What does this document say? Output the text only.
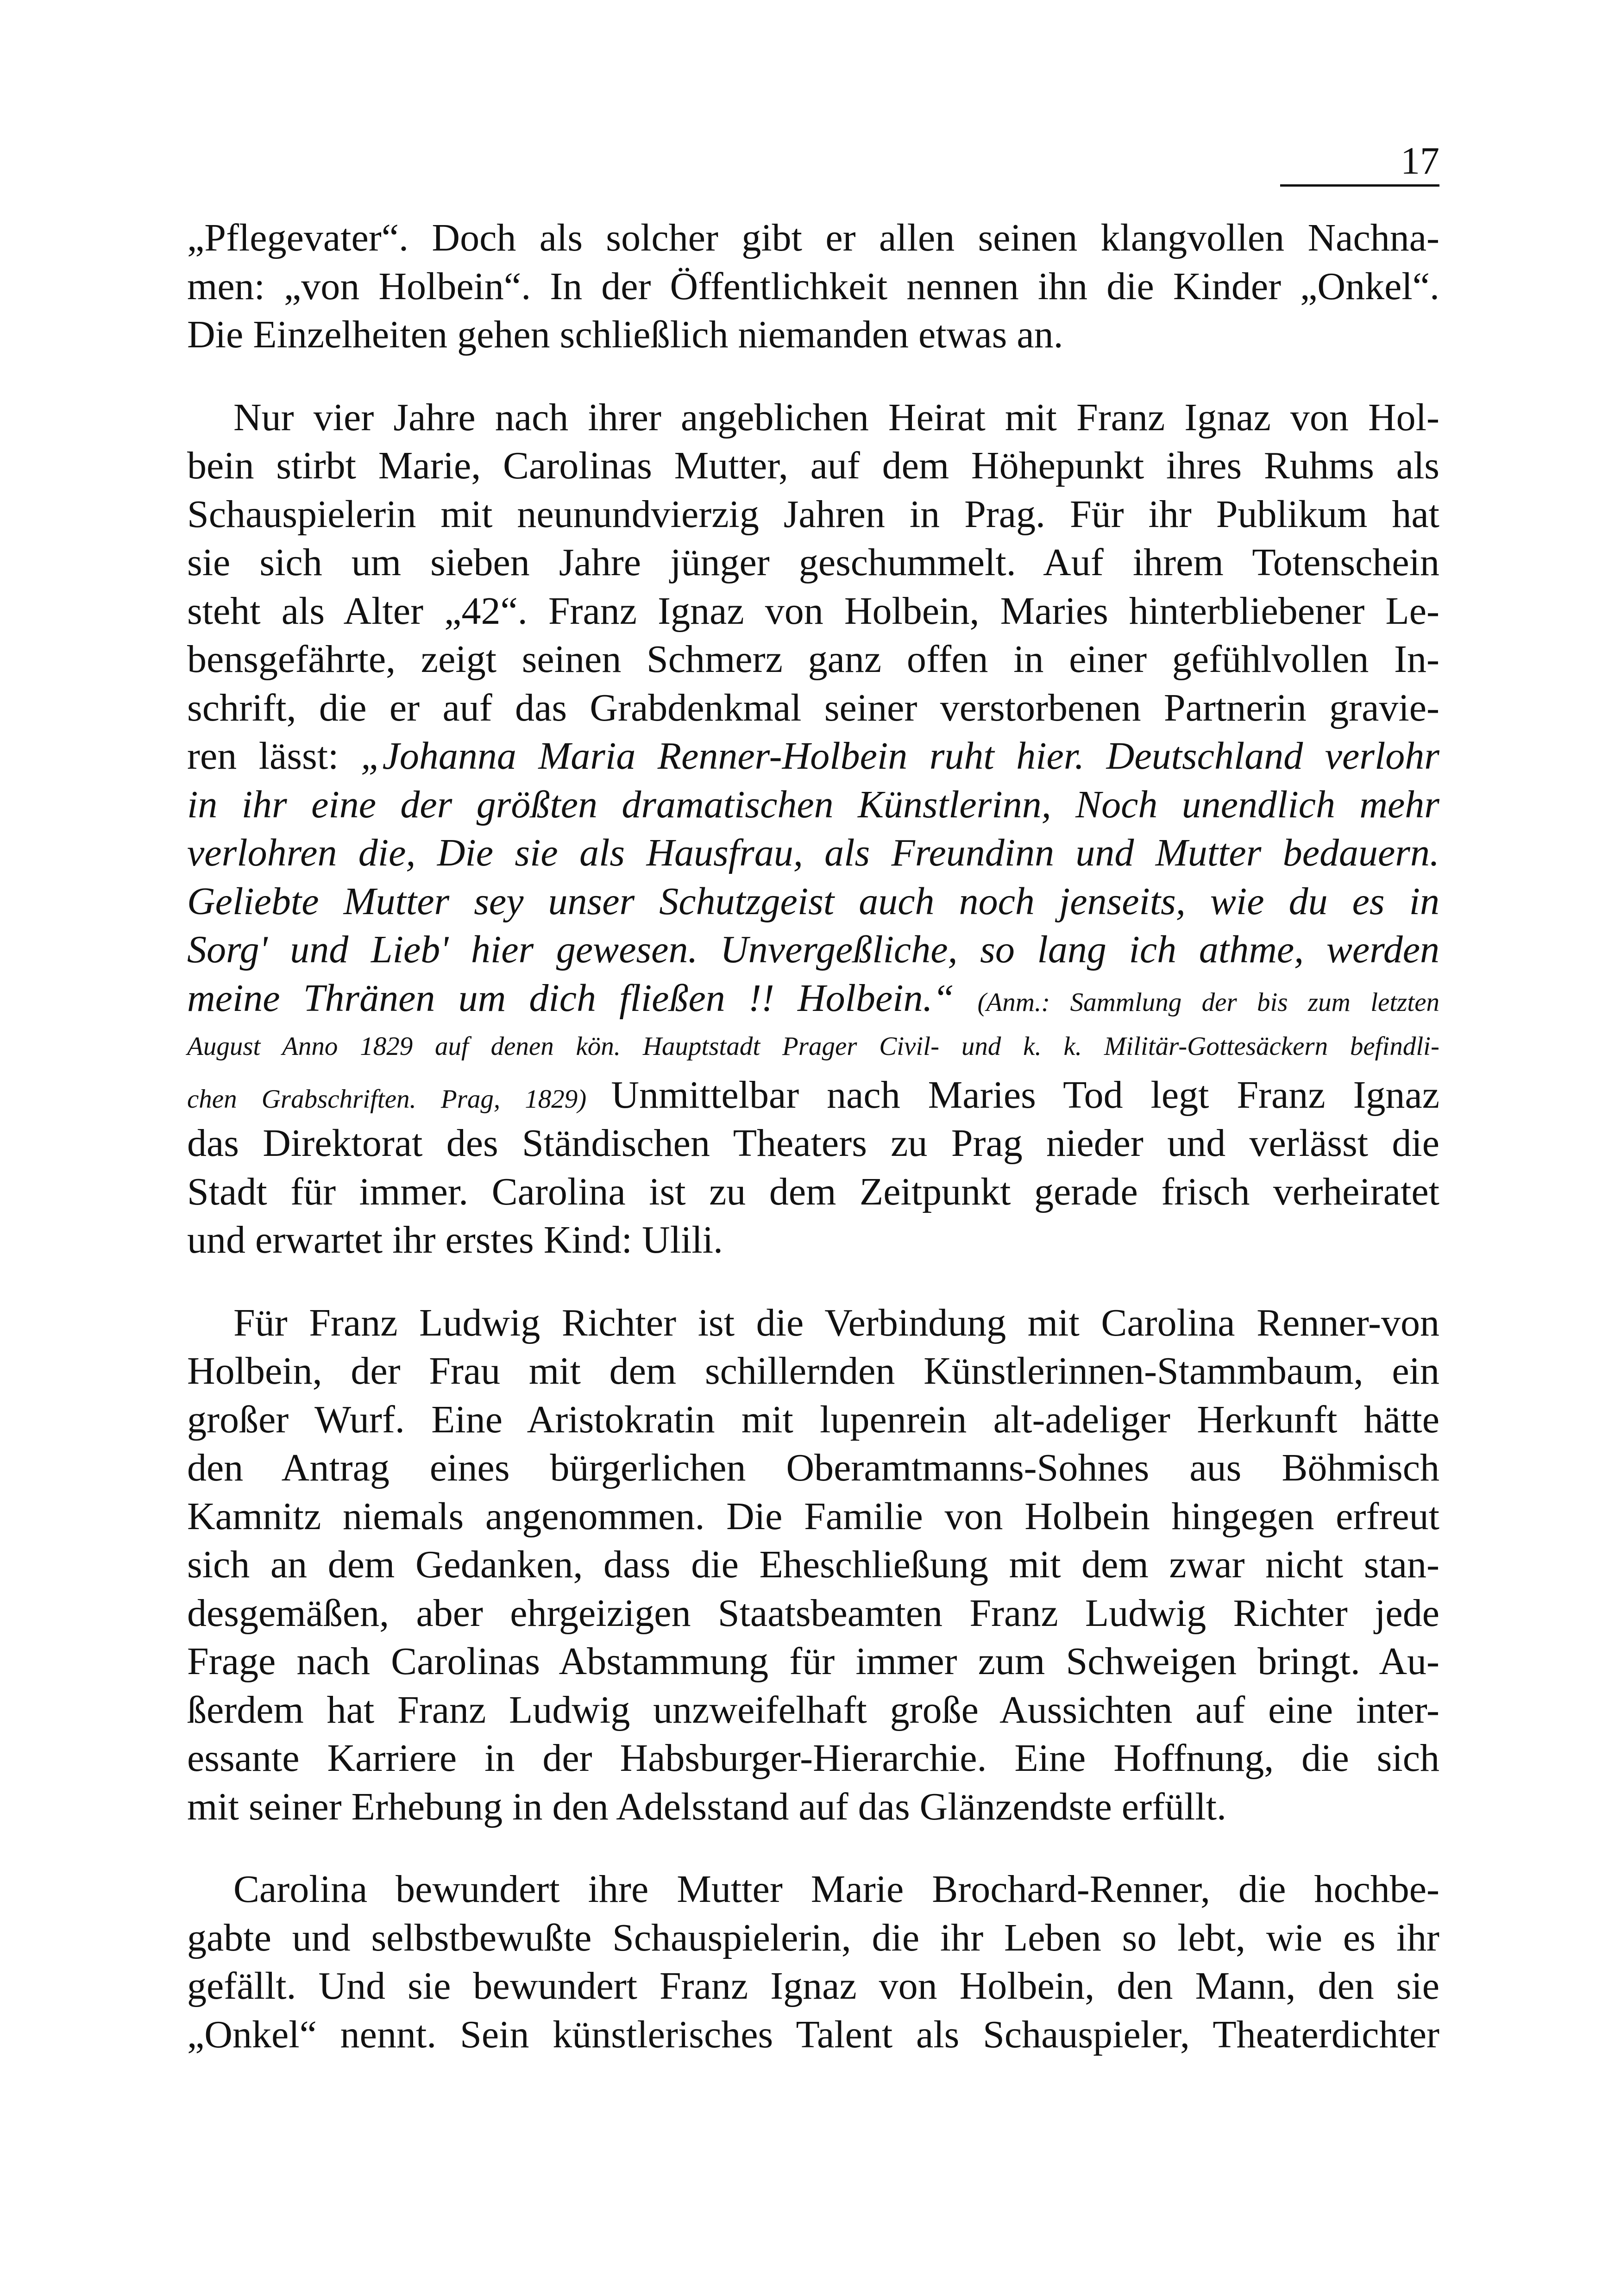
17
„Pflegevater“. Doch als solcher gibt er allen seinen klangvollen Nachna-
men: „von Holbein“. In der Öffentlichkeit nennen ihn die Kinder „Onkel“.
Die Einzelheiten gehen schließlich niemanden etwas an.
Nur vier Jahre nach ihrer angeblichen Heirat mit Franz Ignaz von Hol-
bein stirbt Marie, Carolinas Mutter, auf dem Höhepunkt ihres Ruhms als
Schauspielerin mit neunundvierzig Jahren in Prag. Für ihr Publikum hat
sie sich um sieben Jahre jünger geschummelt. Auf ihrem Totenschein
steht als Alter „42“. Franz Ignaz von Holbein, Maries hinterbliebener Le-
bensgefährte, zeigt seinen Schmerz ganz offen in einer gefühlvollen In-
schrift, die er auf das Grabdenkmal seiner verstorbenen Partnerin gravie-
ren lässt: „Johanna Maria Renner-Holbein ruht hier. Deutschland verlohr
in ihr eine der größten dramatischen Künstlerinn, Noch unendlich mehr
verlohren die, Die sie als Hausfrau, als Freundinn und Mutter bedauern.
Geliebte Mutter sey unser Schutzgeist auch noch jenseits, wie du es in
Sorg' und Lieb' hier gewesen. Unvergeßliche, so lang ich athme, werden
meine Thränen um dich fließen !! Holbein.“ (Anm.: Sammlung der bis zum letzten
August Anno 1829 auf denen kön. Hauptstadt Prager Civil- und k. k. Militär-Gottesäckern befindli-
chen Grabschriften. Prag, 1829) Unmittelbar nach Maries Tod legt Franz Ignaz
das Direktorat des Ständischen Theaters zu Prag nieder und verlässt die
Stadt für immer. Carolina ist zu dem Zeitpunkt gerade frisch verheiratet
und erwartet ihr erstes Kind: Ulili.
Für Franz Ludwig Richter ist die Verbindung mit Carolina Renner-von
Holbein, der Frau mit dem schillernden Künstlerinnen-Stammbaum, ein
großer Wurf. Eine Aristokratin mit lupenrein alt-adeliger Herkunft hätte
den Antrag eines bürgerlichen Oberamtmanns-Sohnes aus Böhmisch
Kamnitz niemals angenommen. Die Familie von Holbein hingegen erfreut
sich an dem Gedanken, dass die Eheschließung mit dem zwar nicht stan-
desgemäßen, aber ehrgeizigen Staatsbeamten Franz Ludwig Richter jede
Frage nach Carolinas Abstammung für immer zum Schweigen bringt. Au-
ßerdem hat Franz Ludwig unzweifelhaft große Aussichten auf eine inter-
essante Karriere in der Habsburger-Hierarchie. Eine Hoffnung, die sich
mit seiner Erhebung in den Adelsstand auf das Glänzendste erfüllt.
Carolina bewundert ihre Mutter Marie Brochard-Renner, die hochbe-
gabte und selbstbewußte Schauspielerin, die ihr Leben so lebt, wie es ihr
gefällt. Und sie bewundert Franz Ignaz von Holbein, den Mann, den sie
„Onkel“ nennt. Sein künstlerisches Talent als Schauspieler, Theaterdichter
